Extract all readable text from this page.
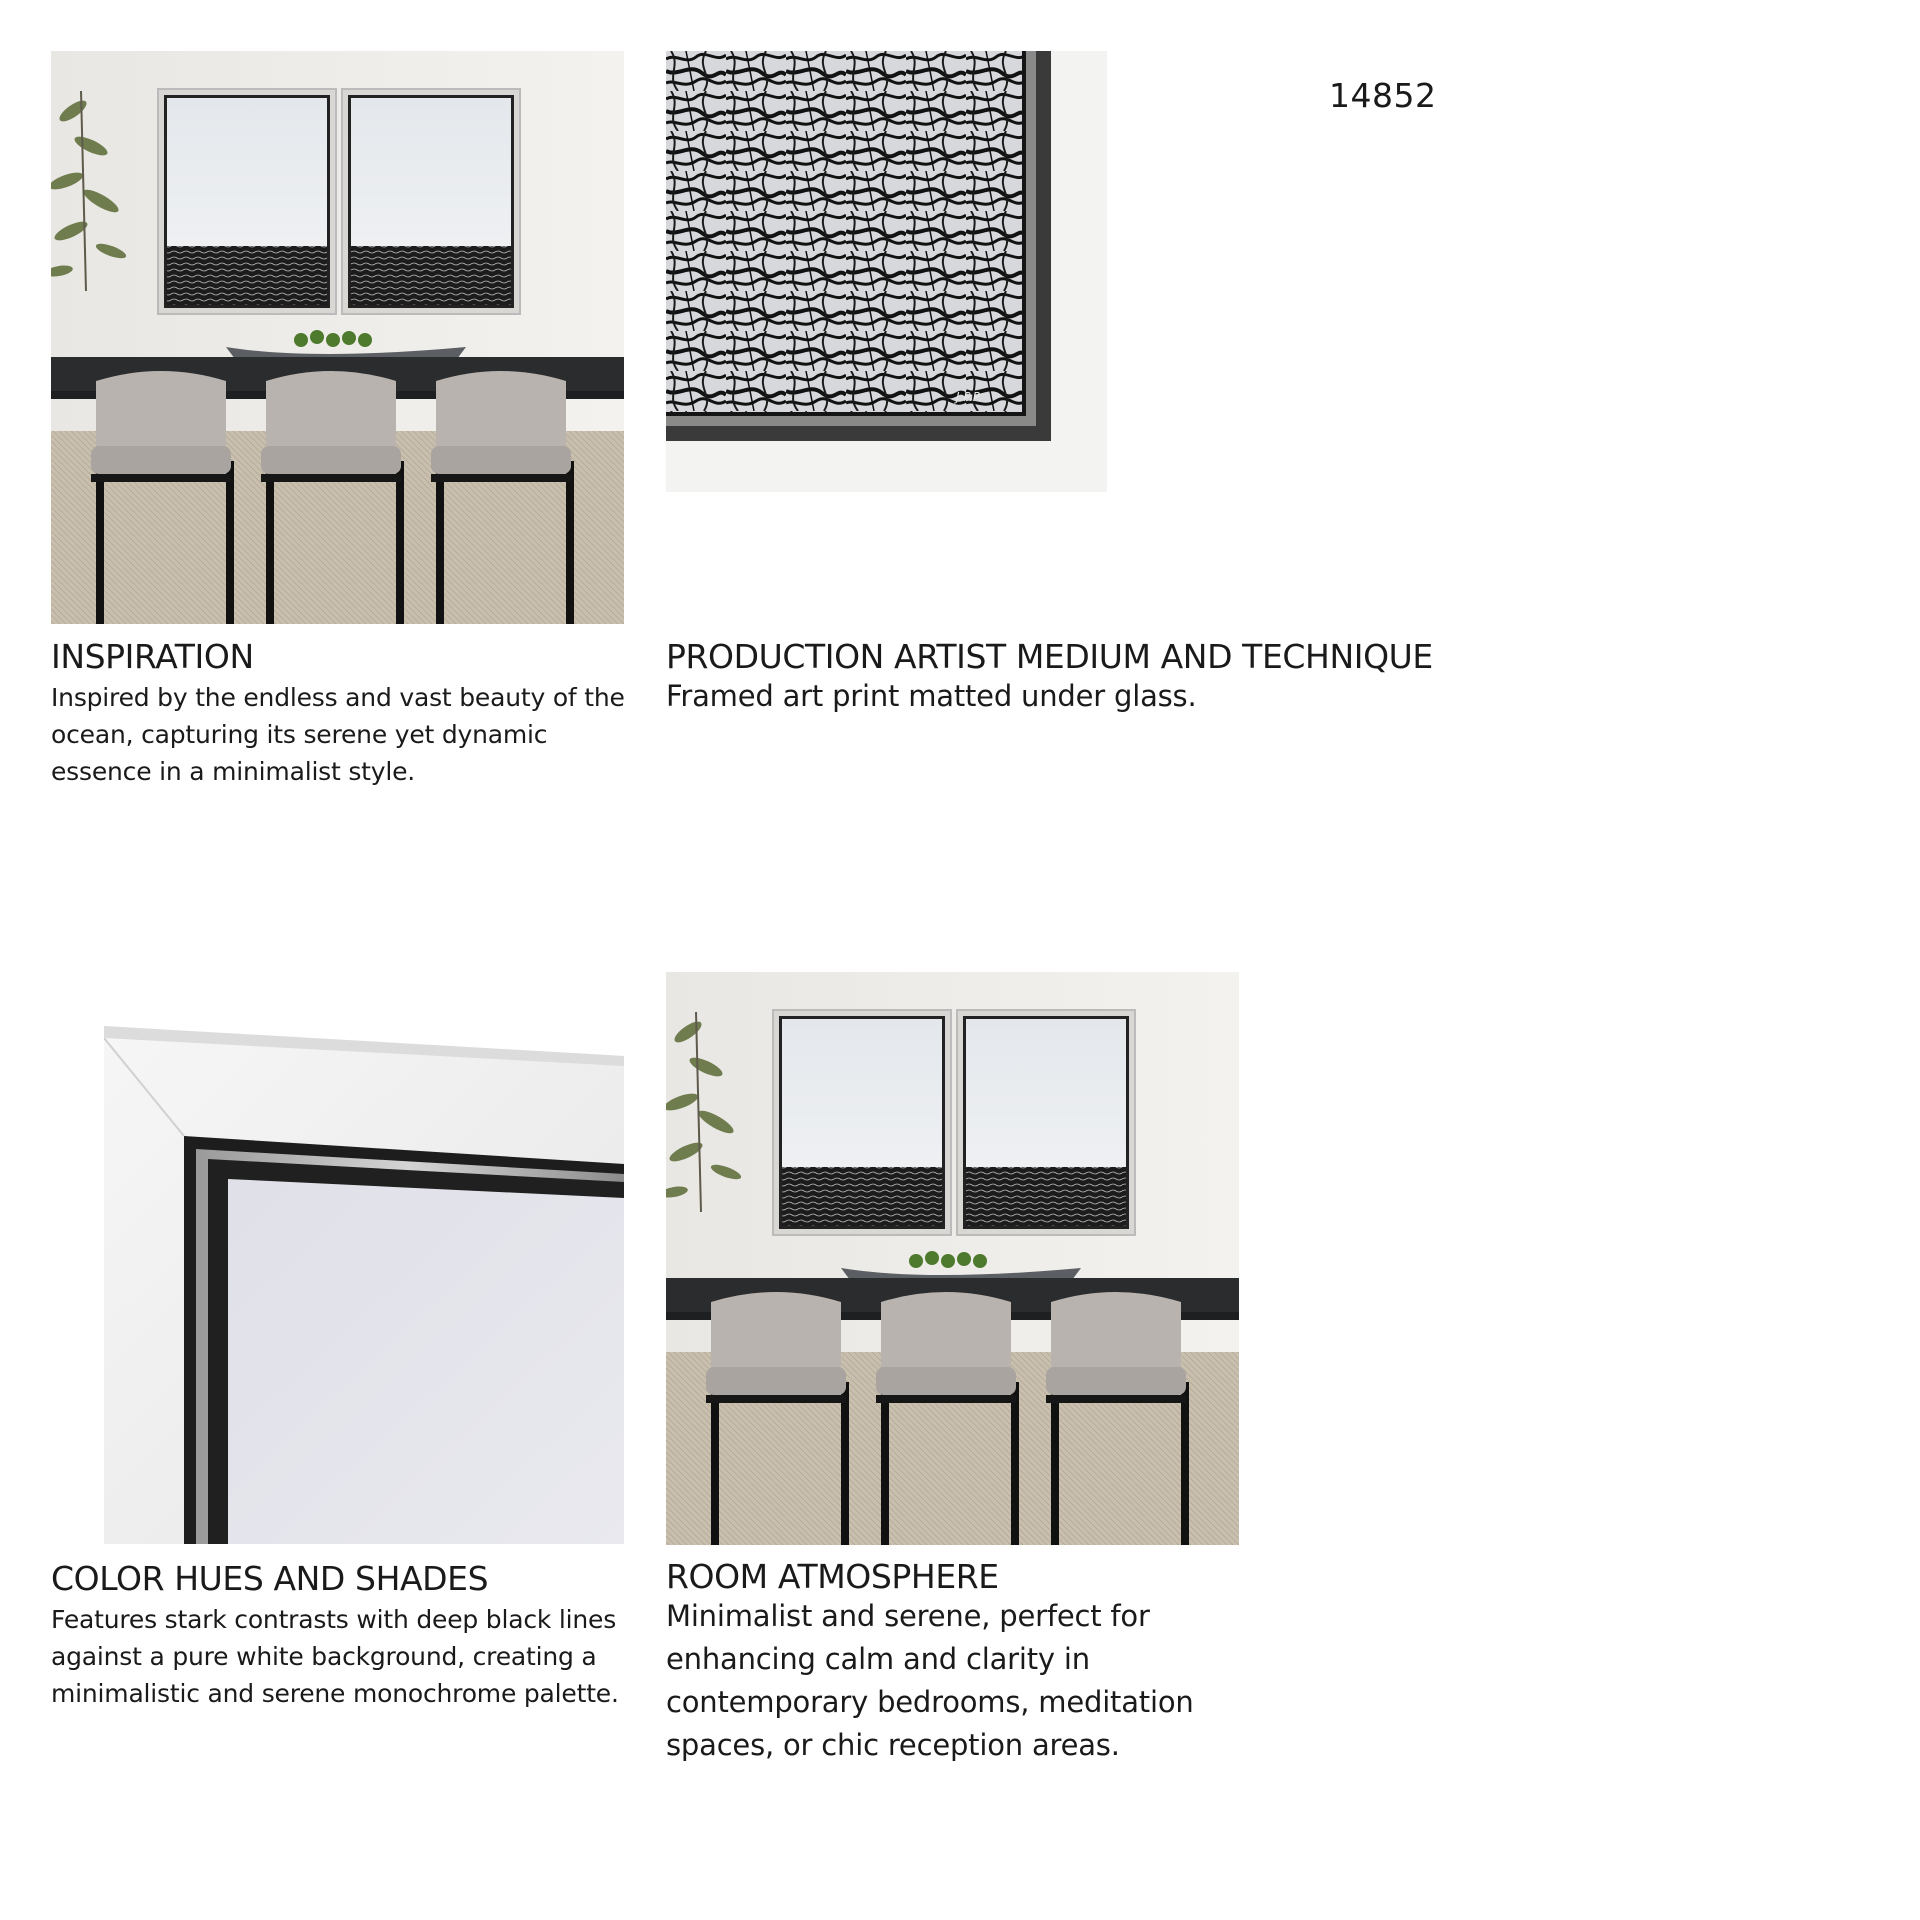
14852
INSPIRATION
Inspired by the endless and vast beauty of the ocean, capturing its serene yet dynamic essence in a minimalist style.
J.P.P.
PRODUCTION ARTIST MEDIUM AND TECHNIQUE
Framed art print matted under glass.
COLOR HUES AND SHADES
Features stark contrasts with deep black lines against a pure white background, creating a minimalistic and serene monochrome palette.
ROOM ATMOSPHERE
Minimalist and serene, perfect for enhancing calm and clarity in contemporary bedrooms, meditation spaces, or chic reception areas.
